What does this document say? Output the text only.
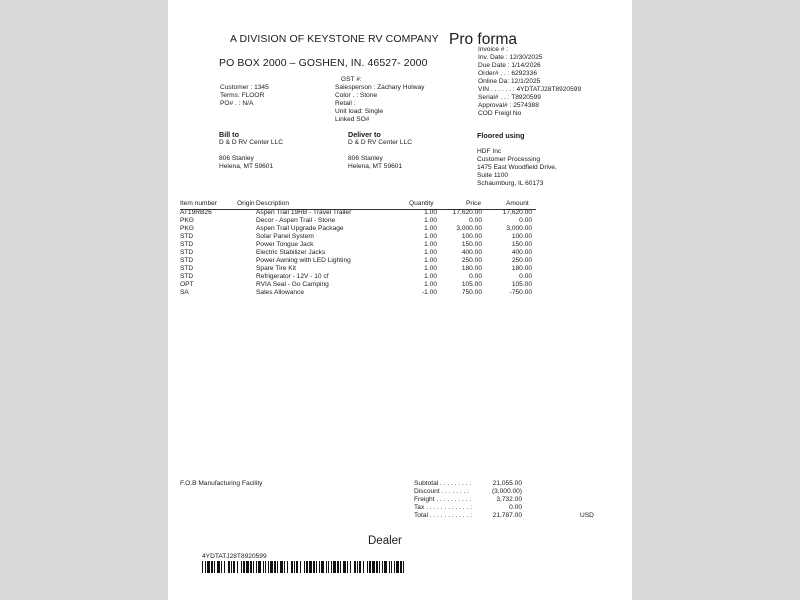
A DIVISION OF KEYSTONE RV COMPANY
PO BOX 2000 – GOSHEN, IN. 46527- 2000
Pro forma
Invoice # :
Inv. Date : 12/30/2025
Due Date : 1/14/2026
Order# . . : 6292336
Online Da: 12/1/2025
VIN . . . . . . : 4YDTATJ28T8920599
Serial# . . : T8920599
Approval# : 2574388
COD Freigl No
Customer : 1345
Terms: FLOOR
PO# . : N/A
GST #:
Salesperson : Zachary Holway
Color . : Stone
Retail :
Unit load: Single
Linked SO#
Bill to
D & D RV Center LLC
806 Stanley
Helena, MT 59601
Deliver to
D & D RV Center LLC
806 Stanley
Helena, MT 59601
Floored using
HDF Inc
Customer Processing
1475 East Woodfield Drive,
Suite 1100
Schaumburg, IL 60173
Item number	Origin Description	Quantity	Price	Amount
AT19RB26	Aspen Trail 19RB - Travel Trailer	1.00	17,620.00	17,620.00
PKG	Decor - Aspen Trail - Stone	1.00	0.00	0.00
PKG	Aspen Trail Upgrade Package	1.00	3,000.00	3,000.00
STD	Solar Panel System	1.00	100.00	100.00
STD	Power Tongue Jack	1.00	150.00	150.00
STD	Electric Stabilizer Jacks	1.00	400.00	400.00
STD	Power Awning with LED Lighting	1.00	250.00	250.00
STD	Spare Tire Kit	1.00	180.00	180.00
STD	Refrigerator - 12V - 10 cf	1.00	0.00	0.00
OPT	RVIA Seal - Go Camping	1.00	105.00	105.00
SA	Sales Allowance	-1.00	750.00	-750.00
F.O.B Manufacturing Facility	Subtotal . . . . . . . . :	21,055.00
Discount . . . . . . . :	(3,000.00)
Freight . . . . . . . . . :	3,732.00
Tax . . . . . . . . . . . . :	0.00
Total . . . . . . . . . . . :	21,787.00	USD
Dealer
4YDTATJ28T8920599
